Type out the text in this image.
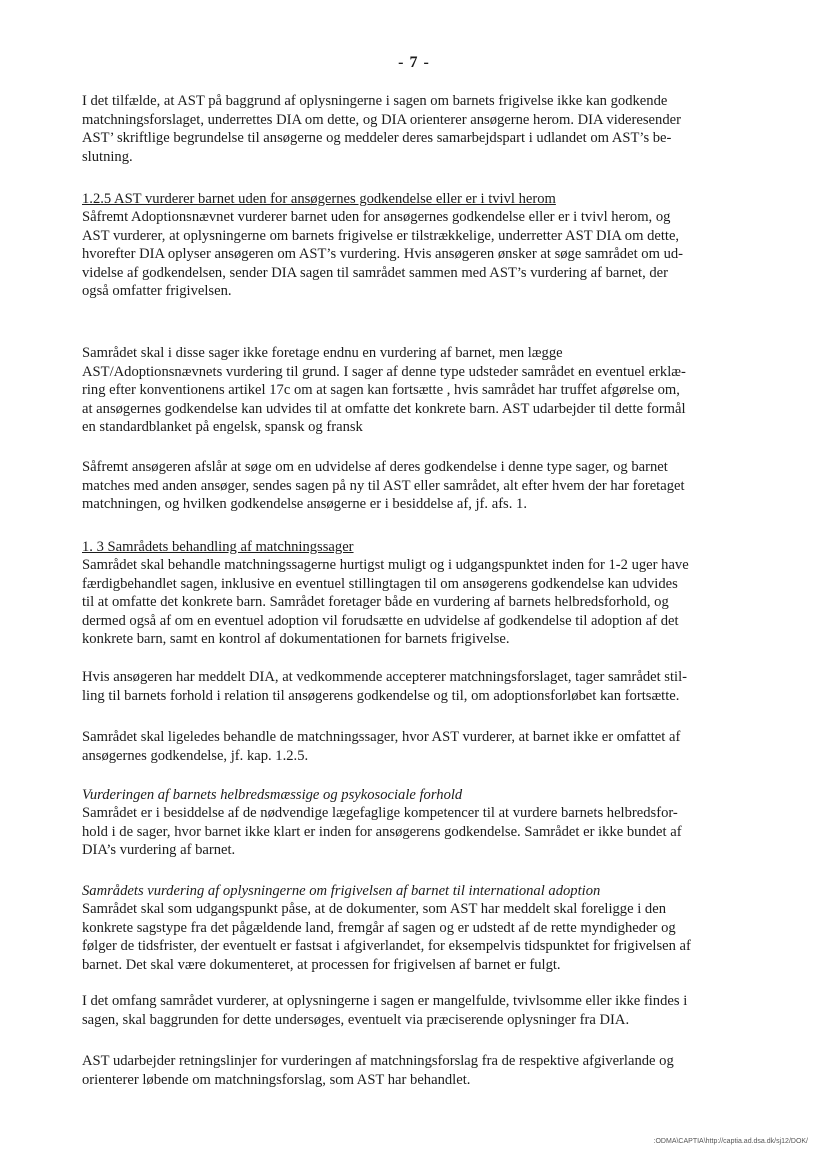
- 7 -

I det tilfælde, at AST på baggrund af oplysningerne i sagen om barnets frigivelse ikke kan godkende

matchningsforslaget, underrettes DIA om dette, og DIA orienterer ansøgerne herom. DIA videresender

AST’ skriftlige begrundelse til ansøgerne og meddeler deres samarbejdspart i udlandet om AST’s be-

slutning.

1.2.5 AST vurderer barnet uden for ansøgernes godkendelse eller er i tvivl herom

Såfremt Adoptionsnævnet vurderer barnet uden for ansøgernes godkendelse eller er i tvivl herom, og

AST vurderer, at oplysningerne om barnets frigivelse er tilstrækkelige, underretter AST DIA om dette,

hvorefter DIA oplyser ansøgeren om AST’s vurdering. Hvis ansøgeren ønsker at søge samrådet om ud-

videlse af godkendelsen, sender DIA sagen til samrådet sammen med AST’s vurdering af barnet, der

også omfatter frigivelsen.

Samrådet skal i disse sager ikke foretage endnu en vurdering af barnet, men lægge

AST/Adoptionsnævnets vurdering til grund. I sager af denne type udsteder samrådet en eventuel erklæ-

ring efter konventionens artikel 17c om at sagen kan fortsætte , hvis samrådet har truffet afgørelse om,

at ansøgernes godkendelse kan udvides til at omfatte det konkrete barn. AST udarbejder til dette formål

en standardblanket på engelsk, spansk og fransk

Såfremt ansøgeren afslår at søge om en udvidelse af deres godkendelse i denne type sager, og barnet

matches med anden ansøger, sendes sagen på ny til AST eller samrådet, alt efter hvem der har foretaget

matchningen, og hvilken godkendelse ansøgerne er i besiddelse af, jf. afs. 1.

1. 3 Samrådets behandling af matchningssager

Samrådet skal behandle matchningssagerne hurtigst muligt og i udgangspunktet inden for 1-2 uger have

færdigbehandlet sagen, inklusive en eventuel stillingtagen til om ansøgerens godkendelse kan udvides

til at omfatte det konkrete barn. Samrådet foretager både en vurdering af barnets helbredsforhold, og

dermed også af om en eventuel adoption vil forudsætte en udvidelse af godkendelse til adoption af det

konkrete barn, samt en kontrol af dokumentationen for barnets frigivelse.

Hvis ansøgeren har meddelt DIA, at vedkommende accepterer matchningsforslaget, tager samrådet stil-

ling til barnets forhold i relation til ansøgerens godkendelse og til, om adoptionsforløbet kan fortsætte.

Samrådet skal ligeledes behandle de matchningssager, hvor AST vurderer, at barnet ikke er omfattet af

ansøgernes godkendelse, jf. kap. 1.2.5.

Vurderingen af barnets helbredsmæssige og psykosociale forhold

Samrådet er i besiddelse af de nødvendige lægefaglige kompetencer til at vurdere barnets helbredsfor-

hold i de sager, hvor barnet ikke klart er inden for ansøgerens godkendelse. Samrådet er ikke bundet af

DIA’s vurdering af barnet.

Samrådets vurdering af oplysningerne om frigivelsen af barnet til international adoption

Samrådet skal som udgangspunkt påse, at de dokumenter, som AST har meddelt skal foreligge i den

konkrete sagstype fra det pågældende land, fremgår af sagen og er udstedt af de rette myndigheder og

følger de tidsfrister, der eventuelt er fastsat i afgiverlandet, for eksempelvis tidspunktet for frigivelsen af

barnet. Det skal være dokumenteret, at processen for frigivelsen af barnet er fulgt.

I det omfang samrådet vurderer, at oplysningerne i sagen er mangelfulde, tvivlsomme eller ikke findes i

sagen, skal baggrunden for dette undersøges, eventuelt via præciserende oplysninger fra DIA.

AST udarbejder retningslinjer for vurderingen af matchningsforslag fra de respektive afgiverlande og

orienterer løbende om matchningsforslag, som AST har behandlet.

:ODMA\CAPTIA\http://captia.ad.dsa.dk/sj12/DOK/
